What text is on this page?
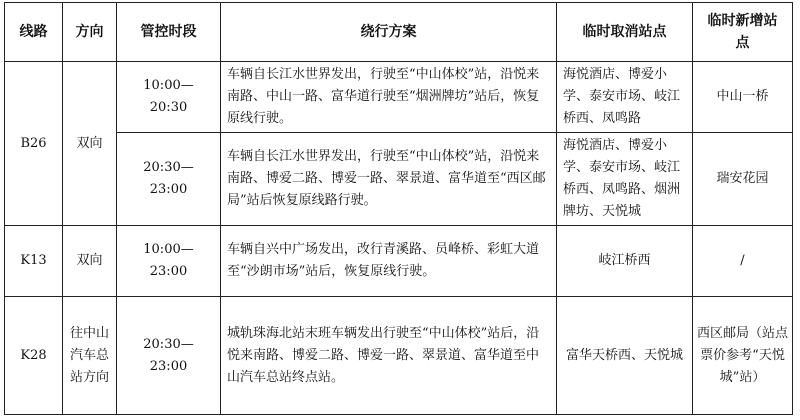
线路	方向	管控时段	绕行方案	临时取消站点	临时新增站点
B26	双向	10:00—
20:30	车辆自长江水世界发出，行驶至“中山体校”站，沿悦来南路、中山一路、富华道行驶至“烟洲牌坊”站后，恢复原线行驶。	海悦酒店、博爱小学、泰安市场、岐江桥西、凤鸣路	中山一桥

		20:30—
23:00	车辆自长江水世界发出，行驶至“中山体校”站，沿悦来南路、博爱二路、博爱一路、翠景道、富华道至“西区邮局”站后恢复原线路行驶。	海悦酒店、博爱小学、泰安市场、岐江桥西、凤鸣路、烟洲牌坊、天悦城	瑞安花园
K13	双向	10:00—
23:00	车辆自兴中广场发出，改行青溪路、员峰桥、彩虹大道至“沙朗市场”站后，恢复原线行驶。	岐江桥西	/
K28	往中山汽车总站方向	20:30—
23:00	城轨珠海北站末班车辆发出行驶至“中山体校”站后，沿悦来南路、博爱二路、博爱一路、翠景道、富华道至中山汽车总站终点站。	富华天桥西、天悦城	西区邮局（站点票价参考“天悦城”站）
